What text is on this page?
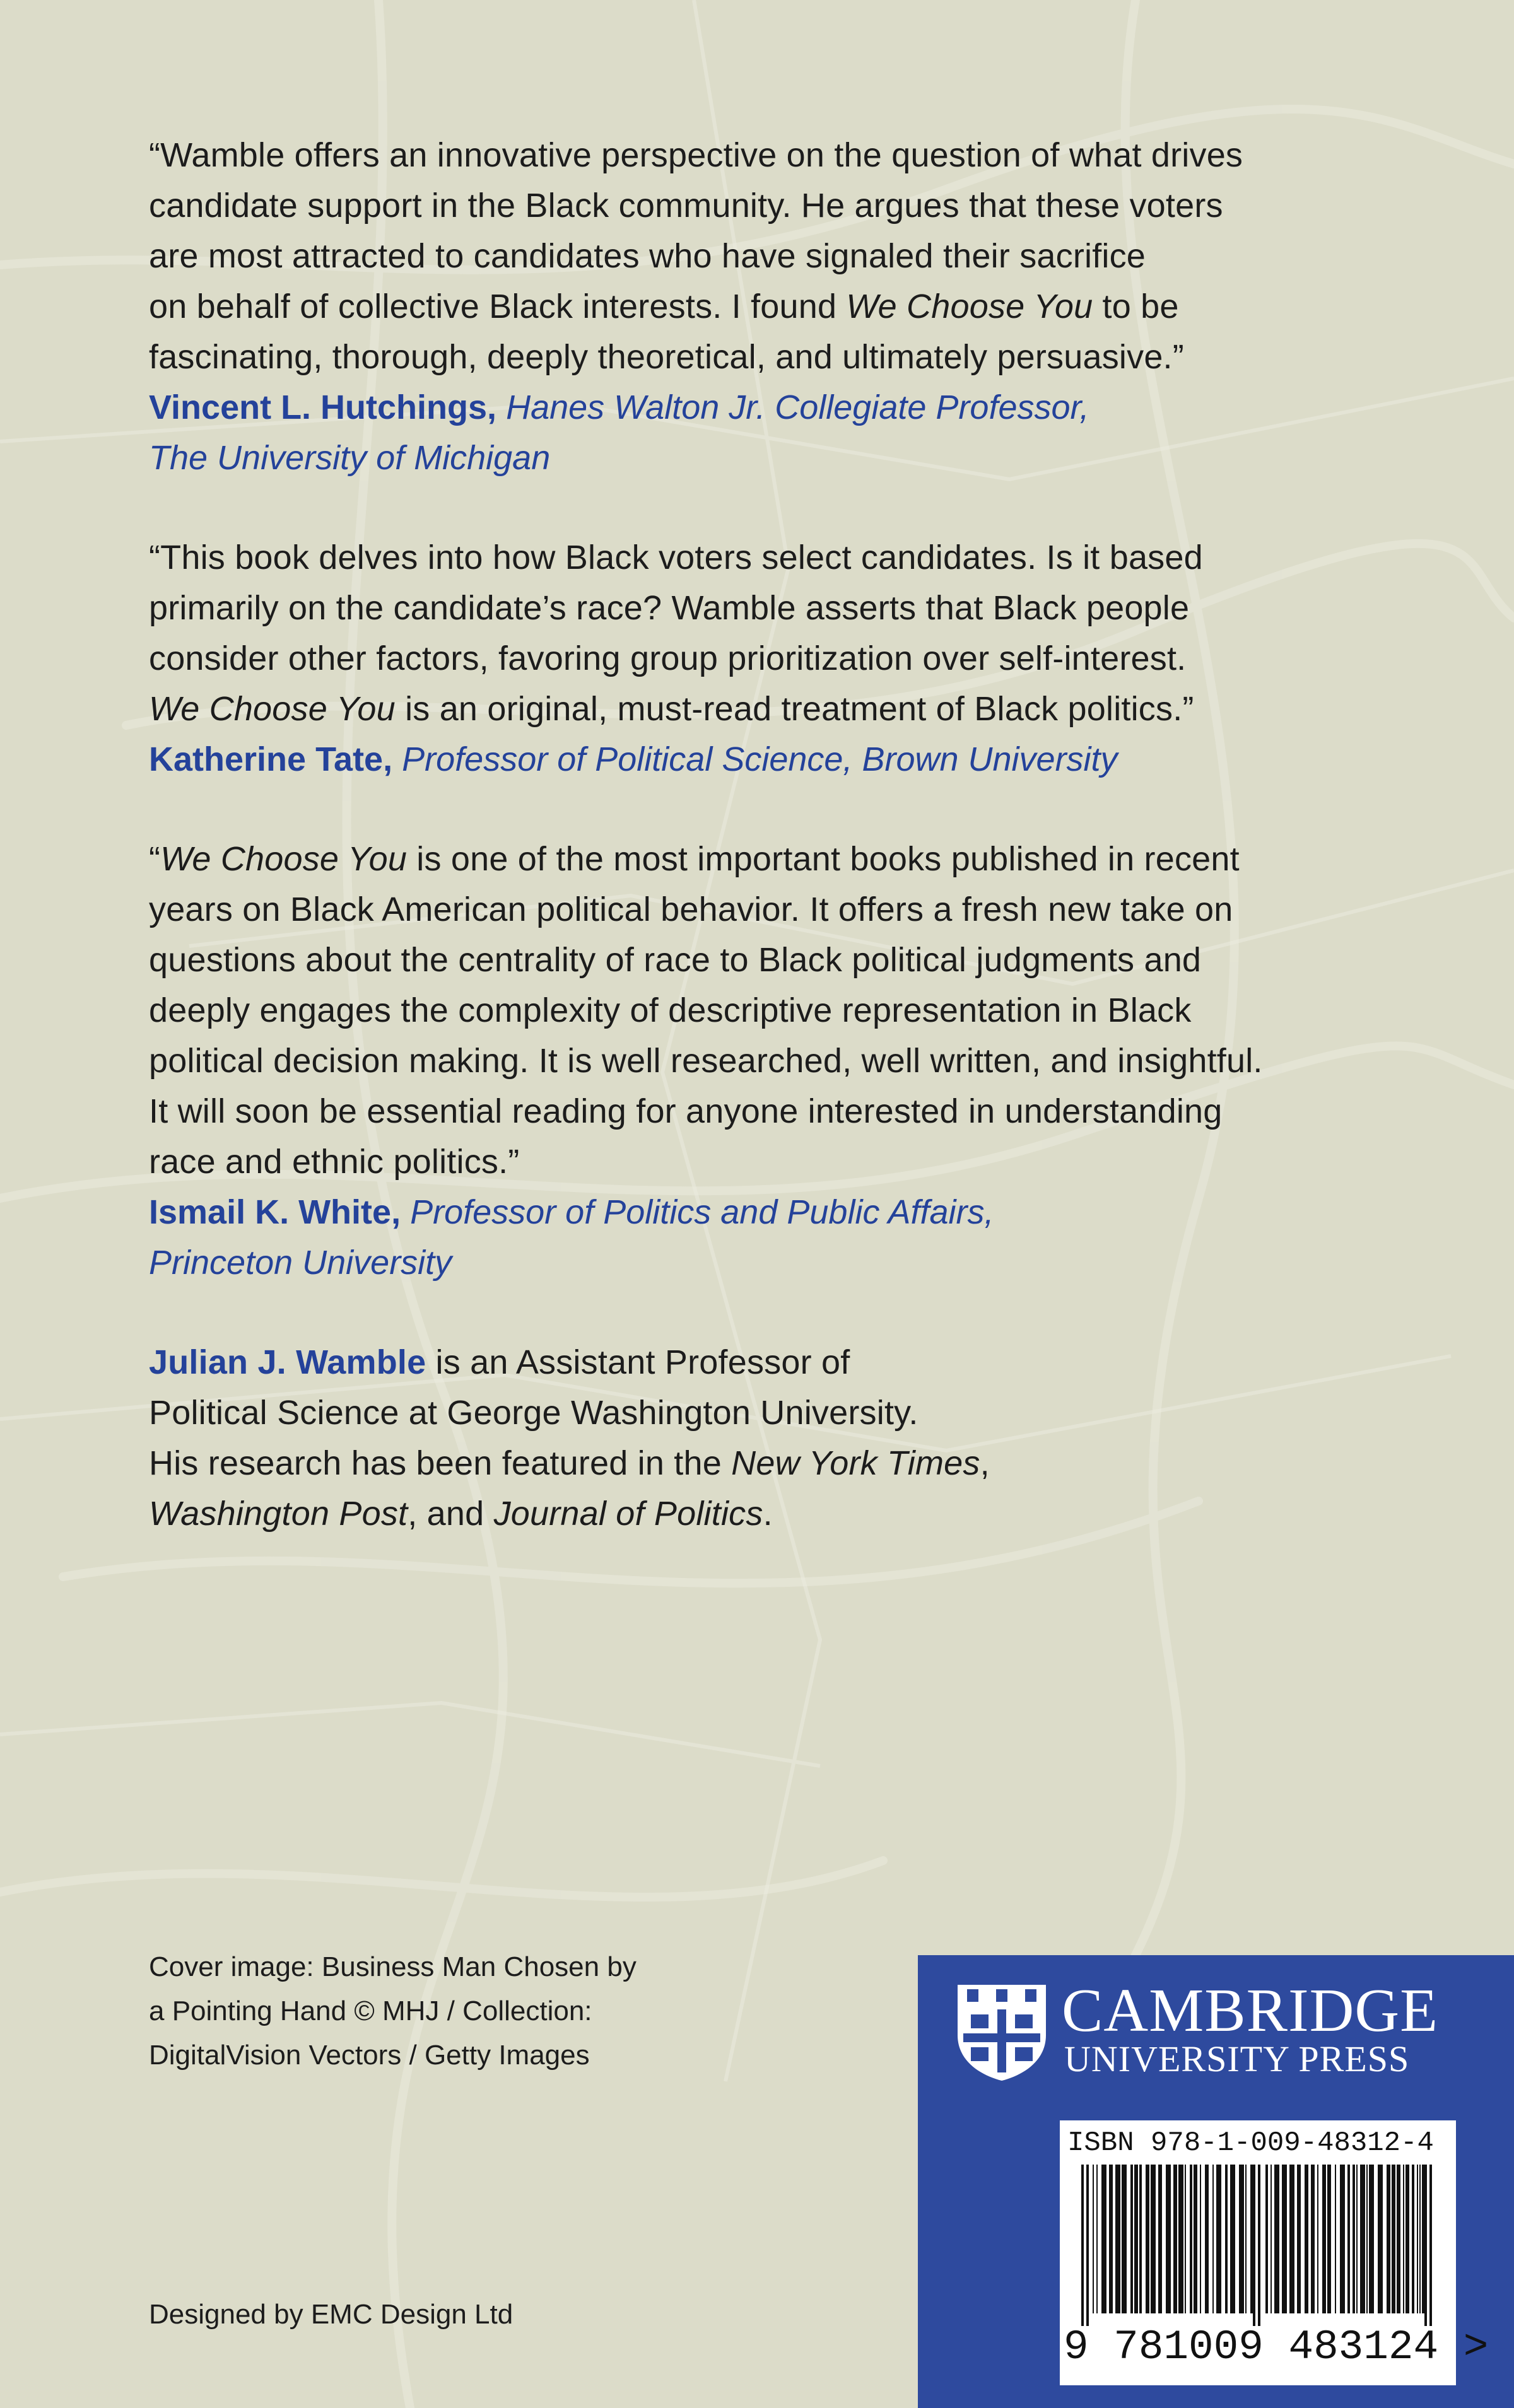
“Wamble offers an innovative perspective on the question of what drives
candidate support in the Black community. He argues that these voters
are most attracted to candidates who have signaled their sacrifice
on behalf of collective Black interests. I found We Choose You to be
fascinating, thorough, deeply theoretical, and ultimately persuasive.”

Vincent L. Hutchings, Hanes Walton Jr. Collegiate Professor,
The University of Michigan

“This book delves into how Black voters select candidates. Is it based
primarily on the candidate’s race? Wamble asserts that Black people
consider other factors, favoring group prioritization over self-interest.
We Choose You is an original, must-read treatment of Black politics.”

Katherine Tate, Professor of Political Science, Brown University

“We Choose You is one of the most important books published in recent
years on Black American political behavior. It offers a fresh new take on
questions about the centrality of race to Black political judgments and
deeply engages the complexity of descriptive representation in Black
political decision making. It is well researched, well written, and insightful.
It will soon be essential reading for anyone interested in understanding
race and ethnic politics.”

Ismail K. White, Professor of Politics and Public Affairs,
Princeton University

Julian J. Wamble is an Assistant Professor of
Political Science at George Washington University.
His research has been featured in the New York Times,
Washington Post, and Journal of Politics.

Cover image: Business Man Chosen by
a Pointing Hand © MHJ / Collection:
DigitalVision Vectors / Getty Images
Designed by EMC Design Ltd
CAMBRIDGE
UNIVERSITY PRESS
ISBN 978-1-009-48312-4
9 781009 483124 >
